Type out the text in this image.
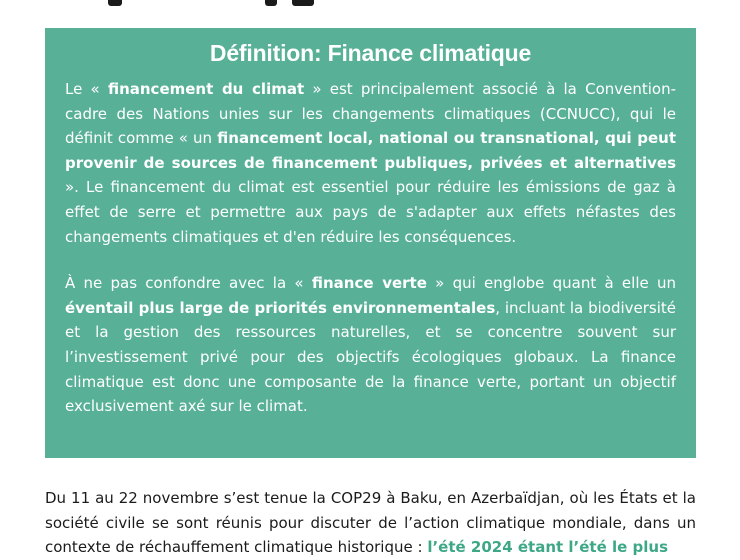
Définition: Finance climatique

Le « financement du climat » est principalement associé à la Convention-cadre des Nations unies sur les changements climatiques (CCNUCC), qui le définit comme « un financement local, national ou transnational, qui peut provenir de sources de financement publiques, privées et alternatives ». Le financement du climat est essentiel pour réduire les émissions de gaz à effet de serre et permettre aux pays de s'adapter aux effets néfastes des changements climatiques et d'en réduire les conséquences.

À ne pas confondre avec la « finance verte » qui englobe quant à elle un éventail plus large de priorités environnementales, incluant la biodiversité et la gestion des ressources naturelles, et se concentre souvent sur l’investissement privé pour des objectifs écologiques globaux. La finance climatique est donc une composante de la finance verte, portant un objectif exclusivement axé sur le climat.

Du 11 au 22 novembre s’est tenue la COP29 à Baku, en Azerbaïdjan, où les États et la société civile se sont réunis pour discuter de l’action climatique mondiale, dans un contexte de réchauffement climatique historique : l’été 2024 étant l’été le plus
